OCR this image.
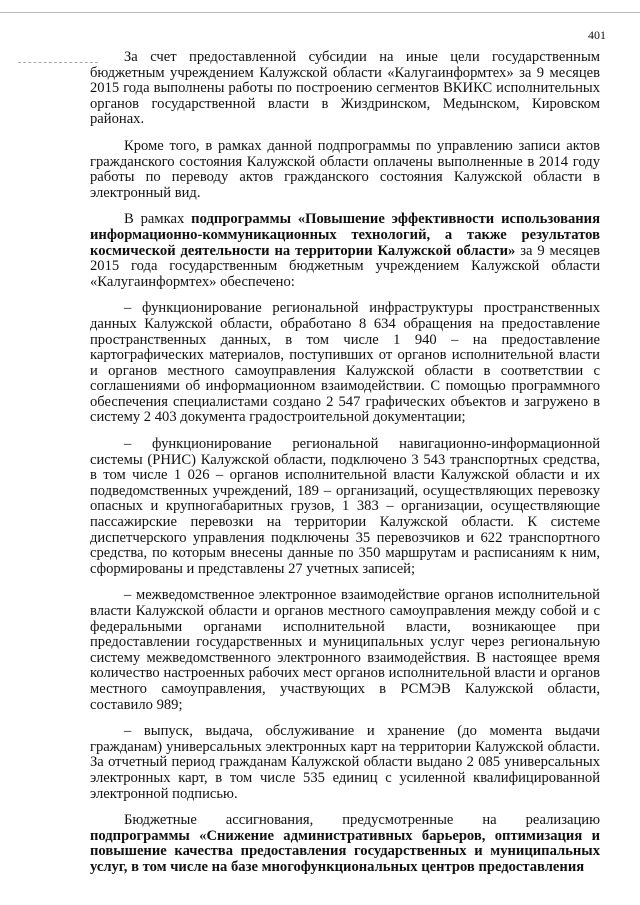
401

За счет предоставленной субсидии на иные цели государственным бюджетным учреждением Калужской области «Калугаинформтех» за 9 месяцев 2015 года выполнены работы по построению сегментов ВКИКС исполнительных органов государственной власти в Жиздринском, Медынском, Кировском районах.

Кроме того, в рамках данной подпрограммы по управлению записи актов гражданского состояния Калужской области оплачены выполненные в 2014 году работы по переводу актов гражданского состояния Калужской области в электронный вид.

В рамках подпрограммы «Повышение эффективности использования информационно-коммуникационных технологий, а также результатов космической деятельности на территории Калужской области» за 9 месяцев 2015 года государственным бюджетным учреждением Калужской области «Калугаинформтех» обеспечено:

– функционирование региональной инфраструктуры пространственных данных Калужской области, обработано 8 634 обращения на предоставление пространственных данных, в том числе 1 940 – на предоставление картографических материалов, поступивших от органов исполнительной власти и органов местного самоуправления Калужской области в соответствии с соглашениями об информационном взаимодействии. С помощью программного обеспечения специалистами создано 2 547 графических объектов и загружено в систему 2 403 документа градостроительной документации;

– функционирование региональной навигационно-информационной системы (РНИС) Калужской области, подключено 3 543 транспортных средства, в том числе 1 026 – органов исполнительной власти Калужской области и их подведомственных учреждений, 189 – организаций, осуществляющих перевозку опасных и крупногабаритных грузов, 1 383 – организации, осуществляющие пассажирские перевозки на территории Калужской области. К системе диспетчерского управления подключены 35 перевозчиков и 622 транспортного средства, по которым внесены данные по 350 маршрутам и расписаниям к ним, сформированы и представлены 27 учетных записей;

– межведомственное электронное взаимодействие органов исполнительной власти Калужской области и органов местного самоуправления между собой и с федеральными органами исполнительной власти, возникающее при предоставлении государственных и муниципальных услуг через региональную систему межведомственного электронного взаимодействия. В настоящее время количество настроенных рабочих мест органов исполнительной власти и органов местного самоуправления, участвующих в РСМЭВ Калужской области, составило 989;

– выпуск, выдача, обслуживание и хранение (до момента выдачи гражданам) универсальных электронных карт на территории Калужской области. За отчетный период гражданам Калужской области выдано 2 085 универсальных электронных карт, в том числе 535 единиц с усиленной квалифицированной электронной подписью.

Бюджетные ассигнования, предусмотренные на реализацию подпрограммы «Снижение административных барьеров, оптимизация и повышение качества предоставления государственных и муниципальных услуг, в том числе на базе многофункциональных центров предоставления
